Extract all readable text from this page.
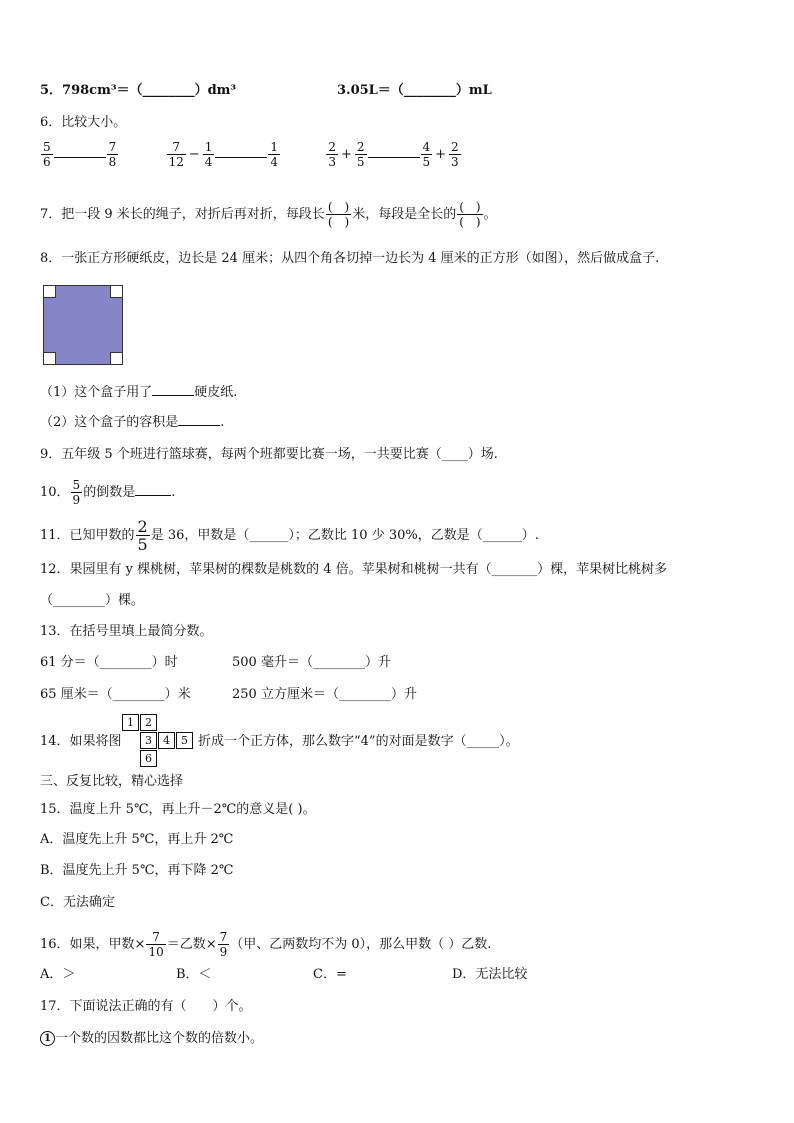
5．798cm³＝（________）dm³	3.05L＝（________）mL
6．比较大小。
$\frac{5}{6}$	$\frac{7}{8}$
	$\frac{7}{12} - \frac{1}{4}$	$\frac{1}{4}$
	$\frac{2}{3} + \frac{2}{5}$	$\frac{4}{5} + \frac{2}{3}$
7．把一段 9 米长的绳子，对折后再对折，每段长 $\frac{( )}{( )}$ 米，每段是全长的 $\frac{( )}{( )}$ 。
8．一张正方形硬纸皮，边长是 24 厘米；从四个角各切掉一边长为 4 厘米的正方形（如图），然后做成盒子.
（1）这个盒子用了	硬皮纸.
（2）这个盒子的容积是	.
9．五年级 5 个班进行篮球赛，每两个班都要比赛一场，一共要比赛（____）场.
10． $\frac{5}{9}$ 的倒数是	.
11．已知甲数的 $\frac{2}{5}$ 是 36，甲数是（______）；乙数比 10 少 30%，乙数是（______）.
12．果园里有 y 棵桃树，苹果树的棵数是桃数的 4 倍。苹果树和桃树一共有（_______）棵，苹果树比桃树多
（________）棵。
13．在括号里填上最简分数。
61 分＝（________）时	500 毫升＝（________）升
65 厘米＝（________）米	250 立方厘米＝（________）升
14．如果将图
1	2
3	4	5
6
折成一个正方体，那么数字“4”的对面是数字（_____）。
三、反复比较，精心选择
15．温度上升 5℃，再上升－2℃的意义是( )。
A．温度先上升 5℃，再上升 2℃
B．温度先上升 5℃，再下降 2℃
C．无法确定
16．如果，甲数× $\frac{7}{10}$ ＝乙数× $\frac{7}{9}$ （甲、乙两数均不为 0），那么甲数（ ）乙数.
A．＞	B．＜	C．=	D．无法比较
17．下面说法正确的有（　　）个。
1 一个数的因数都比这个数的倍数小。
